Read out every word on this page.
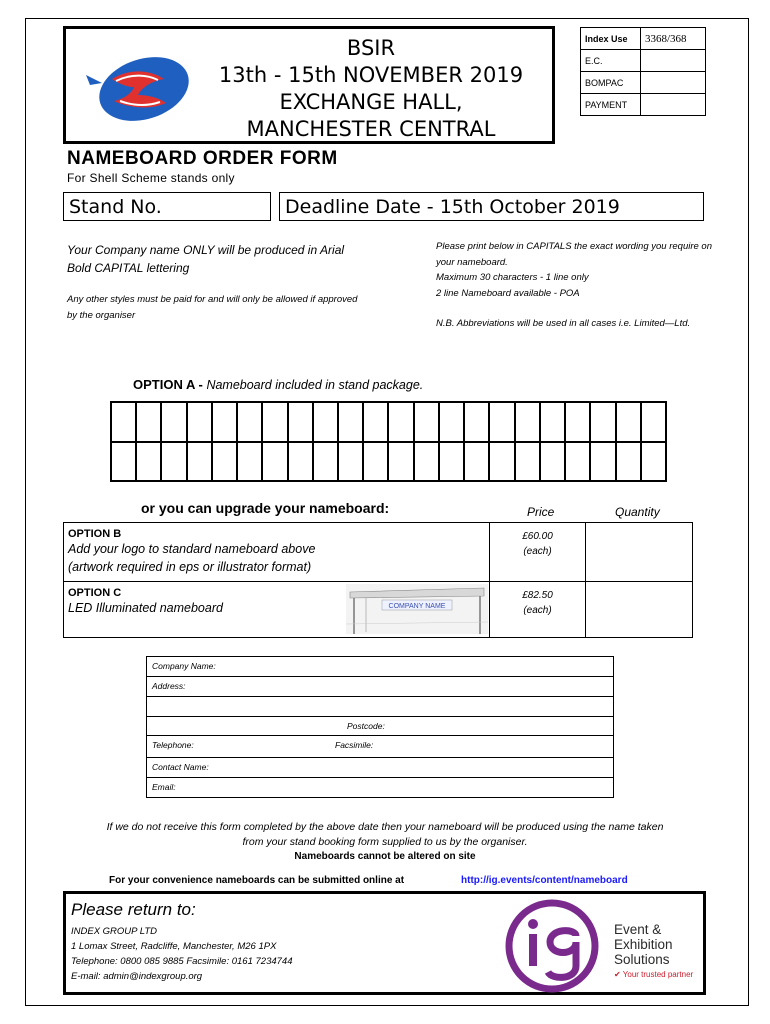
BSIR
13th - 15th NOVEMBER 2019
EXCHANGE HALL,
MANCHESTER CENTRAL
Index Use	3368/368
E.C.	
BOMPAC	
PAYMENT	
NAMEBOARD ORDER FORM
For Shell Scheme stands only
Stand No.	Deadline Date - 15th October 2019
Your Company name ONLY will be produced in Arial Bold CAPITAL lettering
Any other styles must be paid for and will only be allowed if approved by the organiser

Please print below in CAPITALS the exact wording you require on your nameboard.

Maximum 30 characters - 1 line only

2 line Nameboard available - POA

N.B. Abbreviations will be used in all cases i.e. Limited—Ltd.

OPTION A - Nameboard included in stand package.
or you can upgrade your nameboard:	Price	Quantity
OPTION B
Add your logo to standard nameboard above
(artwork required in eps or illustrator format)
£60.00
(each)
OPTION C
LED Illuminated nameboard	COMPANY NAME
£82.50
(each)
Company Name:
Address:
Postcode:
Telephone:	Facsimile:
Contact Name:
Email:
If we do not receive this form completed by the above date then your nameboard will be produced using the name taken
from your stand booking form supplied to us by the organiser.
Nameboards cannot be altered on site
For your convenience nameboards can be submitted online at	http://ig.events/content/nameboard
Please return to:
INDEX GROUP LTD
1 Lomax Street, Radcliffe, Manchester, M26 1PX
Telephone: 0800 085 9885 Facsimile: 0161 7234744
E-mail: admin@indexgroup.org
Event &
Exhibition
Solutions
✔ Your trusted partner
